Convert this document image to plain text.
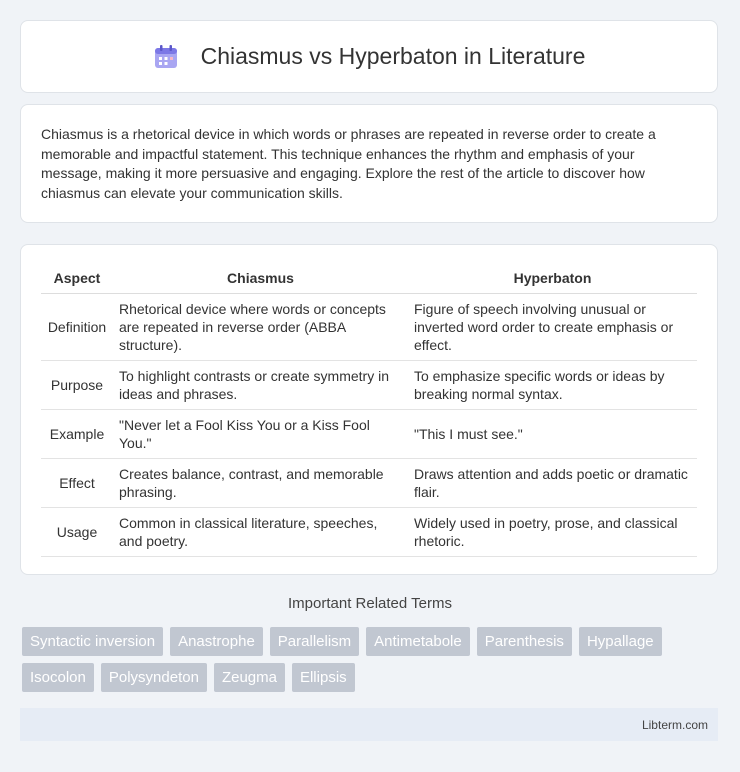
Chiasmus vs Hyperbaton in Literature

Chiasmus is a rhetorical device in which words or phrases are repeated in reverse order to create a memorable and impactful statement. This technique enhances the rhythm and emphasis of your message, making it more persuasive and engaging. Explore the rest of the article to discover how chiasmus can elevate your communication skills.

Aspect	Chiasmus	Hyperbaton
Definition	Rhetorical device where words or concepts are repeated in reverse order (ABBA structure).	Figure of speech involving unusual or inverted word order to create emphasis or effect.
Purpose	To highlight contrasts or create symmetry in ideas and phrases.	To emphasize specific words or ideas by breaking normal syntax.
Example	"Never let a Fool Kiss You or a Kiss Fool You."	"This I must see."
Effect	Creates balance, contrast, and memorable phrasing.	Draws attention and adds poetic or dramatic flair.
Usage	Common in classical literature, speeches, and poetry.	Widely used in poetry, prose, and classical rhetoric.
Important Related Terms
Syntactic inversion	Anastrophe	Parallelism	Antimetabole	Parenthesis	Hypallage
Isocolon	Polysyndeton	Zeugma	Ellipsis
Libterm.com
